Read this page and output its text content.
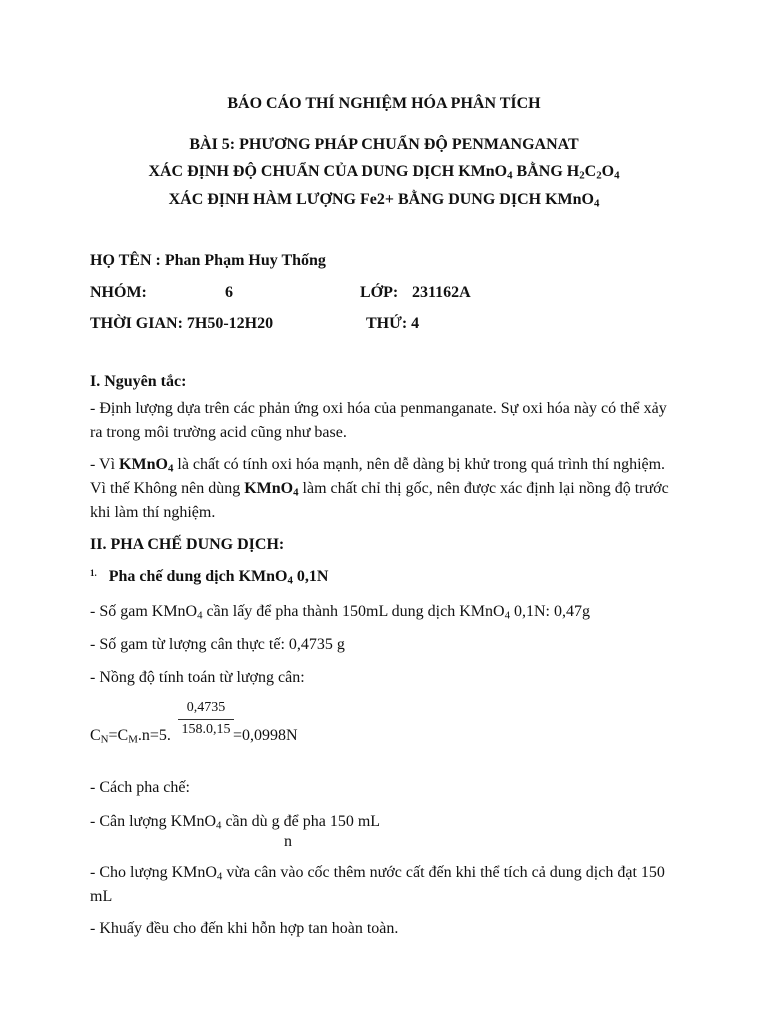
BÁO CÁO THÍ NGHIỆM HÓA PHÂN TÍCH
BÀI 5: PHƯƠNG PHÁP CHUẨN ĐỘ PENMANGANAT
XÁC ĐỊNH ĐỘ CHUẨN CỦA DUNG DỊCH KMnO$_4$ BẰNG $H_2C_2O_4$
XÁC ĐỊNH HÀM LƯỢNG Fe2+ BẰNG DUNG DỊCH KMnO$_4$
HỌ TÊN : Phan Phạm Huy Thống
NHÓM:	6	LỚP: 231162A
THỜI GIAN: 7H50-12H20	THỨ: 4
I. Nguyên tắc:
- Định lượng dựa trên các phản ứng oxi hóa của penmanganate. Sự oxi hóa này có thể xảy ra trong môi trường acid cũng như base.
- Vì KMnO$_4$ là chất có tính oxi hóa mạnh, nên dễ dàng bị khử trong quá trình thí nghiệm. Vì thế Không nên dùng KMnO$_4$ làm chất chỉ thị gốc, nên được xác định lại nồng độ trước khi làm thí nghiệm.
II. PHA CHẾ DUNG DỊCH:
$^{1.}$ Pha chế dung dịch KMnO$_4$ 0,1N
- Số gam KMnO$_4$ cần lấy để pha thành 150mL dung dịch KMnO$_4$ 0,1N: 0,47g
- Số gam từ lượng cân thực tế: 0,4735 g
- Nồng độ tính toán từ lượng cân:
$C_N=C_M.n=5$.
0,4735
158.0,15 =0,0998N
- Cách pha chế:
- Cân lượng KMnO$_4$ cần dù g để pha 150 mL
n
- Cho lượng KMnO$_4$ vừa cân vào cốc thêm nước cất đến khi thể tích cả dung dịch đạt 150 mL
- Khuấy đều cho đến khi hỗn hợp tan hoàn toàn.
